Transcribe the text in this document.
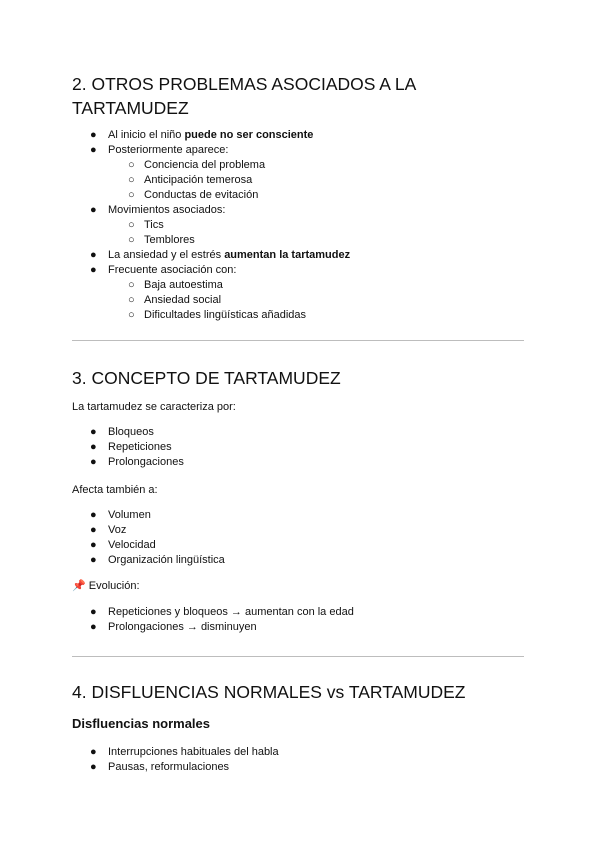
2. OTROS PROBLEMAS ASOCIADOS A LA
TARTAMUDEZ
● Al inicio el niño puede no ser consciente
● Posteriormente aparece:
○ Conciencia del problema
○ Anticipación temerosa
○ Conductas de evitación
● Movimientos asociados:
○ Tics
○ Temblores
● La ansiedad y el estrés aumentan la tartamudez
● Frecuente asociación con:
○ Baja autoestima
○ Ansiedad social
○ Dificultades lingüísticas añadidas
3. CONCEPTO DE TARTAMUDEZ

La tartamudez se caracteriza por:

● Bloqueos
● Repeticiones
● Prolongaciones

Afecta también a:

● Volumen
● Voz
● Velocidad
● Organización lingüística

📌 Evolución:

● Repeticiones y bloqueos → aumentan con la edad
● Prolongaciones → disminuyen
4. DISFLUENCIAS NORMALES vs TARTAMUDEZ
Disfluencias normales
● Interrupciones habituales del habla
● Pausas, reformulaciones
